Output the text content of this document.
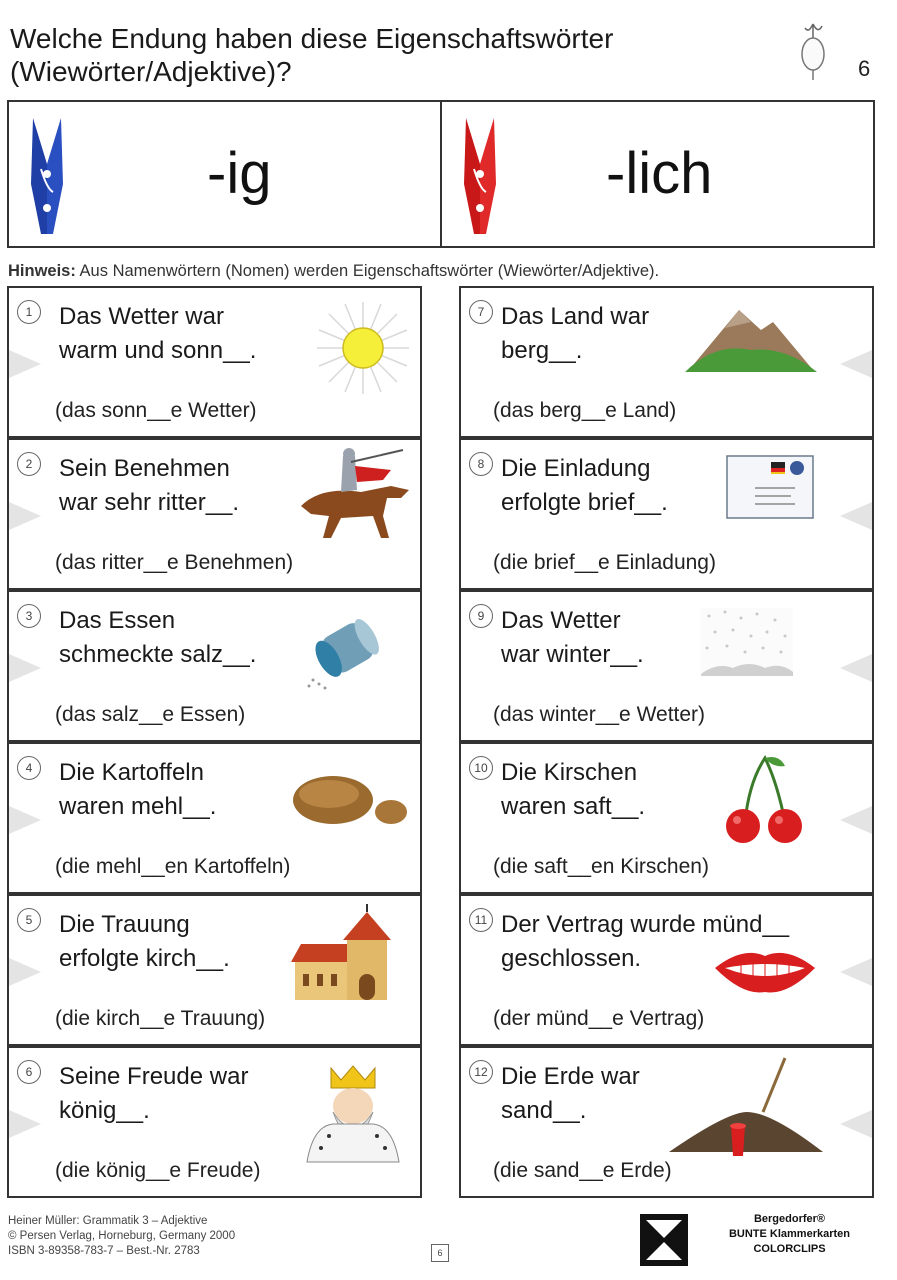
Welche Endung haben diese Eigenschaftswörter
(Wiewörter/Adjektive)?	6
-ig	-lich
Hinweis: Aus Namenwörtern (Nomen) werden Eigenschaftswörter (Wiewörter/Adjektive).
1	Das Wetter war
warm und sonn__.
(das sonn__e Wetter)
2	Sein Benehmen
war sehr ritter__.
(das ritter__e Benehmen)
3	Das Essen
schmeckte salz__.
(das salz__e Essen)
4	Die Kartoffeln
waren mehl__.
(die mehl__en Kartoffeln)
5	Die Trauung
erfolgte kirch__.
(die kirch__e Trauung)
6	Seine Freude war
könig__.
(die könig__e Freude)
7 Das Land war
berg__.
(das berg__e Land)
8 Die Einladung
erfolgte brief__.
(die brief__e Einladung)
9 Das Wetter
war winter__.
(das winter__e Wetter)
10 Die Kirschen
waren saft__.
(die saft__en Kirschen)
11 Der Vertrag wurde münd__
geschlossen.
(der münd__e Vertrag)
12 Die Erde war
sand__.
(die sand__e Erde)
Heiner Müller: Grammatik 3 – Adjektive
© Persen Verlag, Horneburg, Germany 2000
ISBN 3-89358-783-7 – Best.-Nr. 2783	6
Bergedorfer®
BUNTE Klammerkarten
COLORCLIPS
